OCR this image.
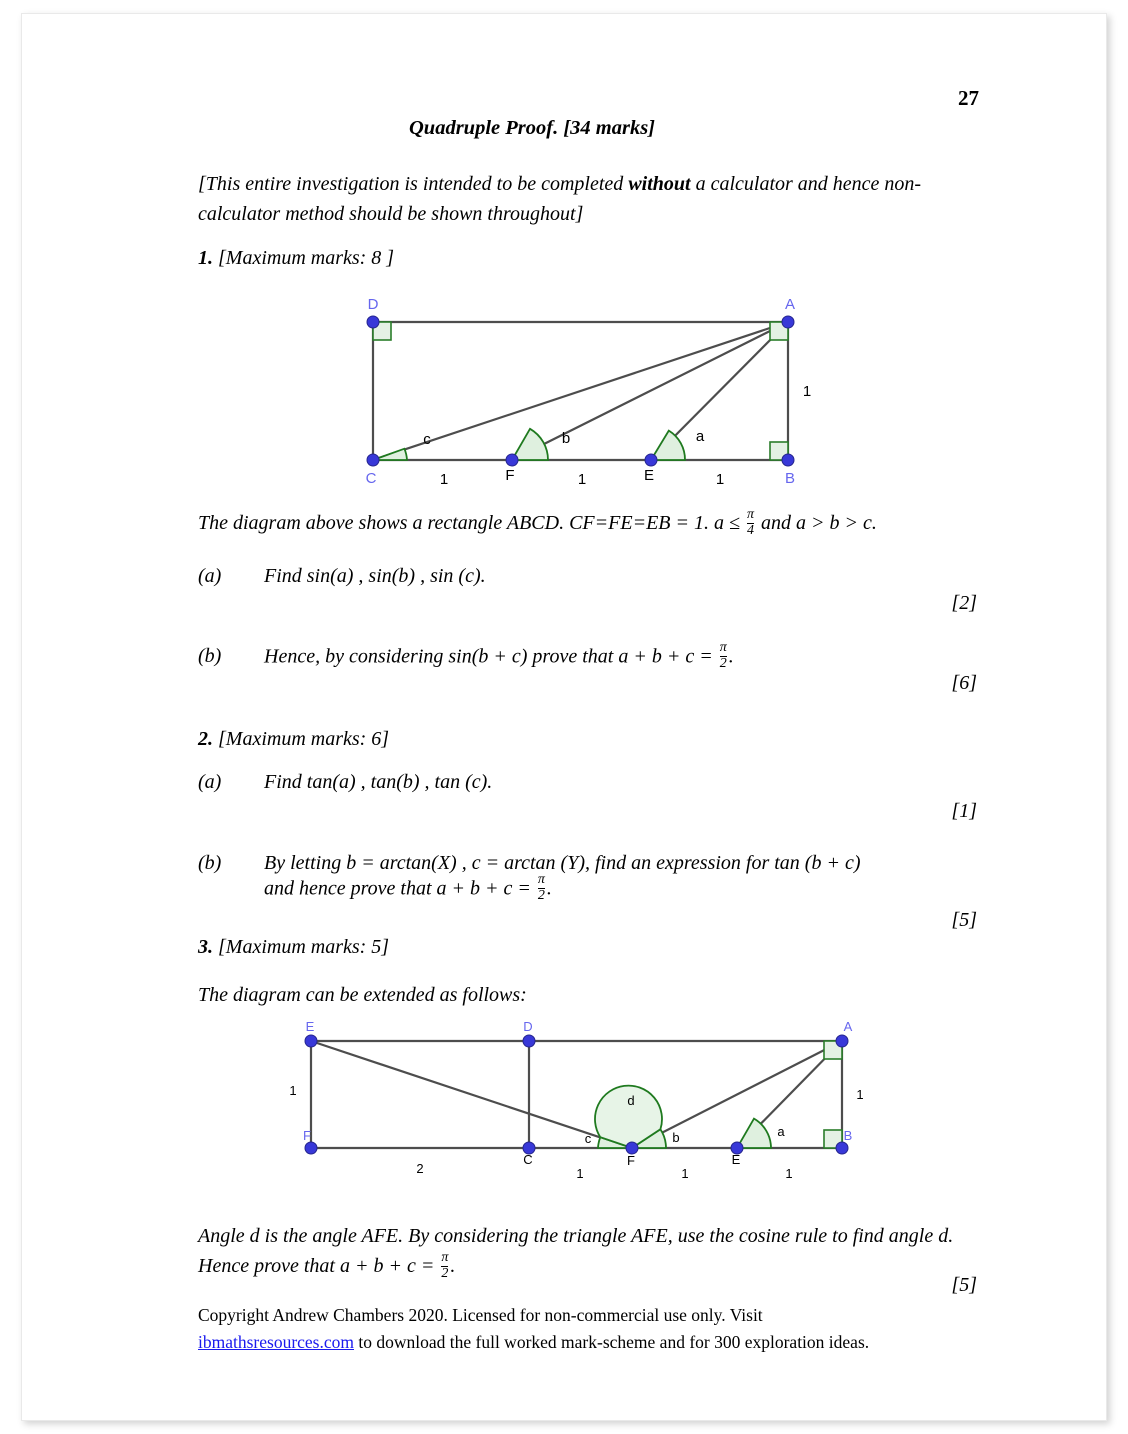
27
Quadruple Proof. [34 marks]
[This entire investigation is intended to be completed without a calculator and hence non-calculator method should be shown throughout]
1. [Maximum marks: 8 ]
D	A
C	B
F	E
1	1	1
1
c	b	a
The diagram above shows a rectangle ABCD. CF=FE=EB = 1. $a \le \frac{\pi}{4}$ and a > b > c.
(a) Find sin(a) , sin(b) , sin (c).
[2]
(b) Hence, by considering sin(b + c) prove that $a + b + c = \frac{\pi}{2}$ .
[6]
2. [Maximum marks: 6]
(a) Find tan(a) , tan(b) , tan (c).
[1]
(b) By letting b = arctan(X) , c = arctan (Y), find an expression for tan (b + c)
and hence prove that $a + b + c = \frac{\pi}{2}$ .
[5]
3. [Maximum marks: 5]
The diagram can be extended as follows:
E	D	A
F
C	F	E
B
1
2	1	1	1
1
c	b
d
a
Angle d is the angle AFE. By considering the triangle AFE, use the cosine rule to find angle d. Hence prove that $a + b + c = \frac{\pi}{2}$ .
[5]
Copyright Andrew Chambers 2020. Licensed for non-commercial use only. Visit
ibmathsresources.com to download the full worked mark-scheme and for 300 exploration ideas.
